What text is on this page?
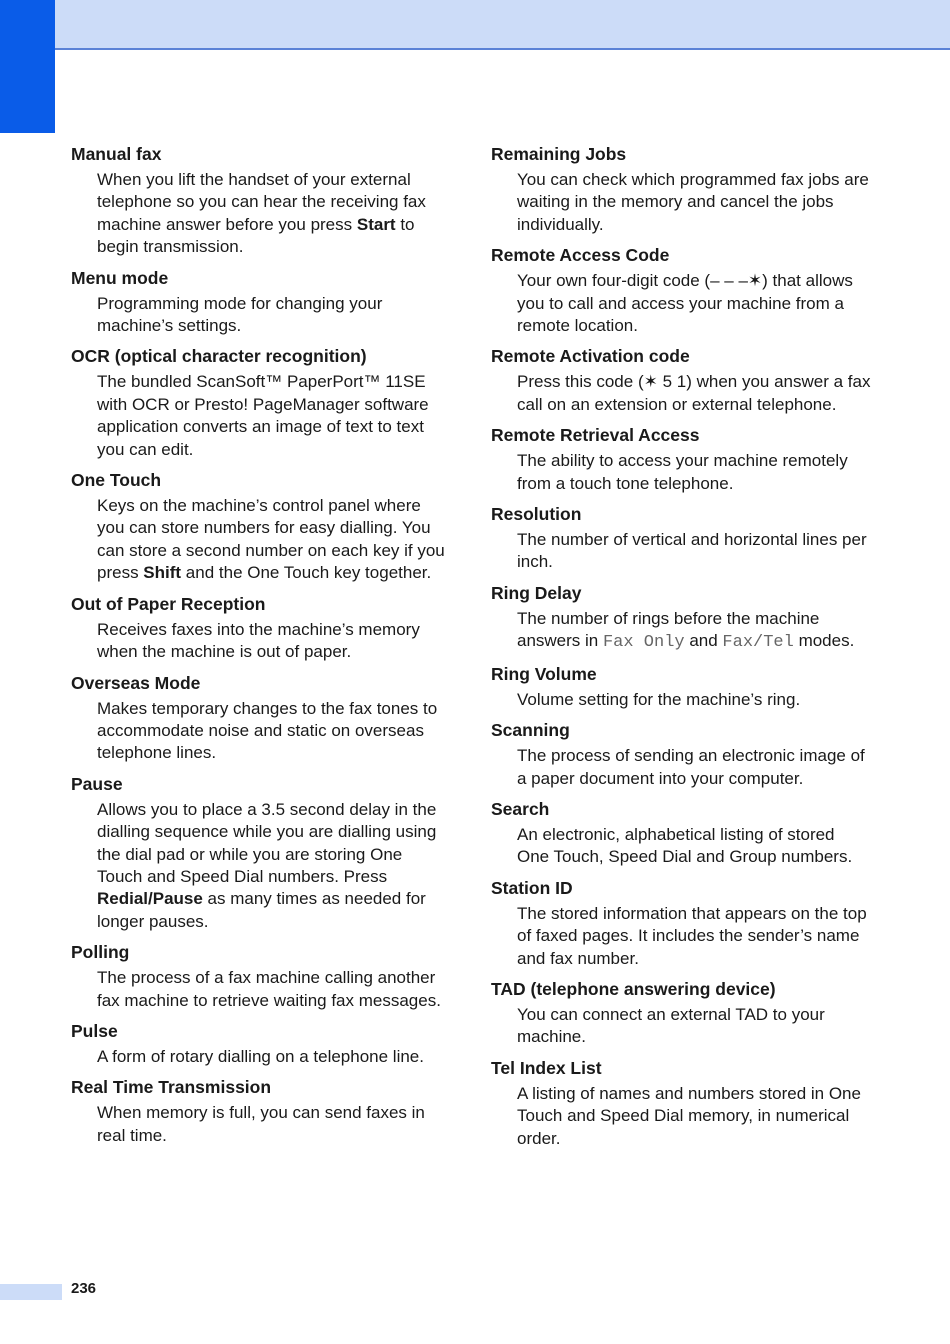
Manual fax
When you lift the handset of your external telephone so you can hear the receiving fax machine answer before you press Start to begin transmission.
Menu mode
Programming mode for changing your machine’s settings.
OCR (optical character recognition)
The bundled ScanSoft™ PaperPort™ 11SE with OCR or Presto! PageManager software application converts an image of text to text you can edit.
One Touch
Keys on the machine’s control panel where you can store numbers for easy dialling. You can store a second number on each key if you press Shift and the One Touch key together.
Out of Paper Reception
Receives faxes into the machine’s memory when the machine is out of paper.
Overseas Mode
Makes temporary changes to the fax tones to accommodate noise and static on overseas telephone lines.
Pause
Allows you to place a 3.5 second delay in the dialling sequence while you are dialling using the dial pad or while you are storing One Touch and Speed Dial numbers. Press Redial/Pause as many times as needed for longer pauses.
Polling
The process of a fax machine calling another fax machine to retrieve waiting fax messages.
Pulse
A form of rotary dialling on a telephone line.
Real Time Transmission
When memory is full, you can send faxes in real time.
Remaining Jobs
You can check which programmed fax jobs are waiting in the memory and cancel the jobs individually.
Remote Access Code
Your own four-digit code (– – –✶) that allows you to call and access your machine from a remote location.
Remote Activation code
Press this code (✶ 5 1) when you answer a fax call on an extension or external telephone.
Remote Retrieval Access
The ability to access your machine remotely from a touch tone telephone.
Resolution
The number of vertical and horizontal lines per inch.
Ring Delay
The number of rings before the machine answers in Fax Only and Fax/Tel modes.
Ring Volume
Volume setting for the machine’s ring.
Scanning
The process of sending an electronic image of a paper document into your computer.
Search
An electronic, alphabetical listing of stored One Touch, Speed Dial and Group numbers.
Station ID
The stored information that appears on the top of faxed pages. It includes the sender’s name and fax number.
TAD (telephone answering device)
You can connect an external TAD to your machine.
Tel Index List
A listing of names and numbers stored in One Touch and Speed Dial memory, in numerical order.
236
